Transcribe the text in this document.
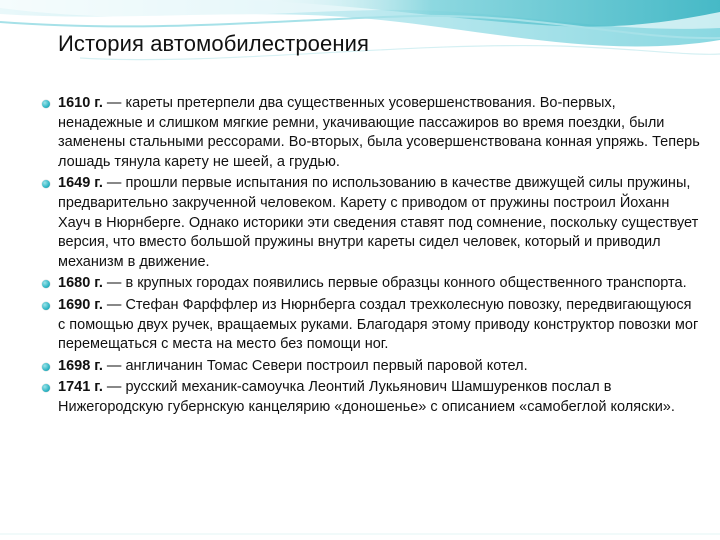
История автомобилестроения
1610 г. — кареты претерпели два существенных усовершенствования. Во-первых, ненадежные и слишком мягкие ремни, укачивающие пассажиров во время поездки, были заменены стальными рессорами. Во-вторых, была усовершенствована конная упряжь. Теперь лошадь тянула карету не шеей, а грудью.
1649 г. — прошли первые испытания по использованию в качестве движущей силы пружины, предварительно закрученной человеком. Карету с приводом от пружины построил Йоханн Хауч в Нюрнберге. Однако историки эти сведения ставят под сомнение, поскольку существует версия, что вместо большой пружины внутри кареты сидел человек, который и приводил механизм в движение.
1680 г. — в крупных городах появились первые образцы конного общественного транспорта.
1690 г. — Стефан Фарффлер из Нюрнберга создал трехколесную повозку, передвигающуюся с помощью двух ручек, вращаемых руками. Благодаря этому приводу конструктор повозки мог перемещаться с места на место без помощи ног.
1698 г. — англичанин Томас Севери построил первый паровой котел.
1741 г. — русский механик-самоучка Леонтий Лукьянович Шамшуренков послал в Нижегородскую губернскую канцелярию «доношенье» с описанием «самобеглой коляски».
